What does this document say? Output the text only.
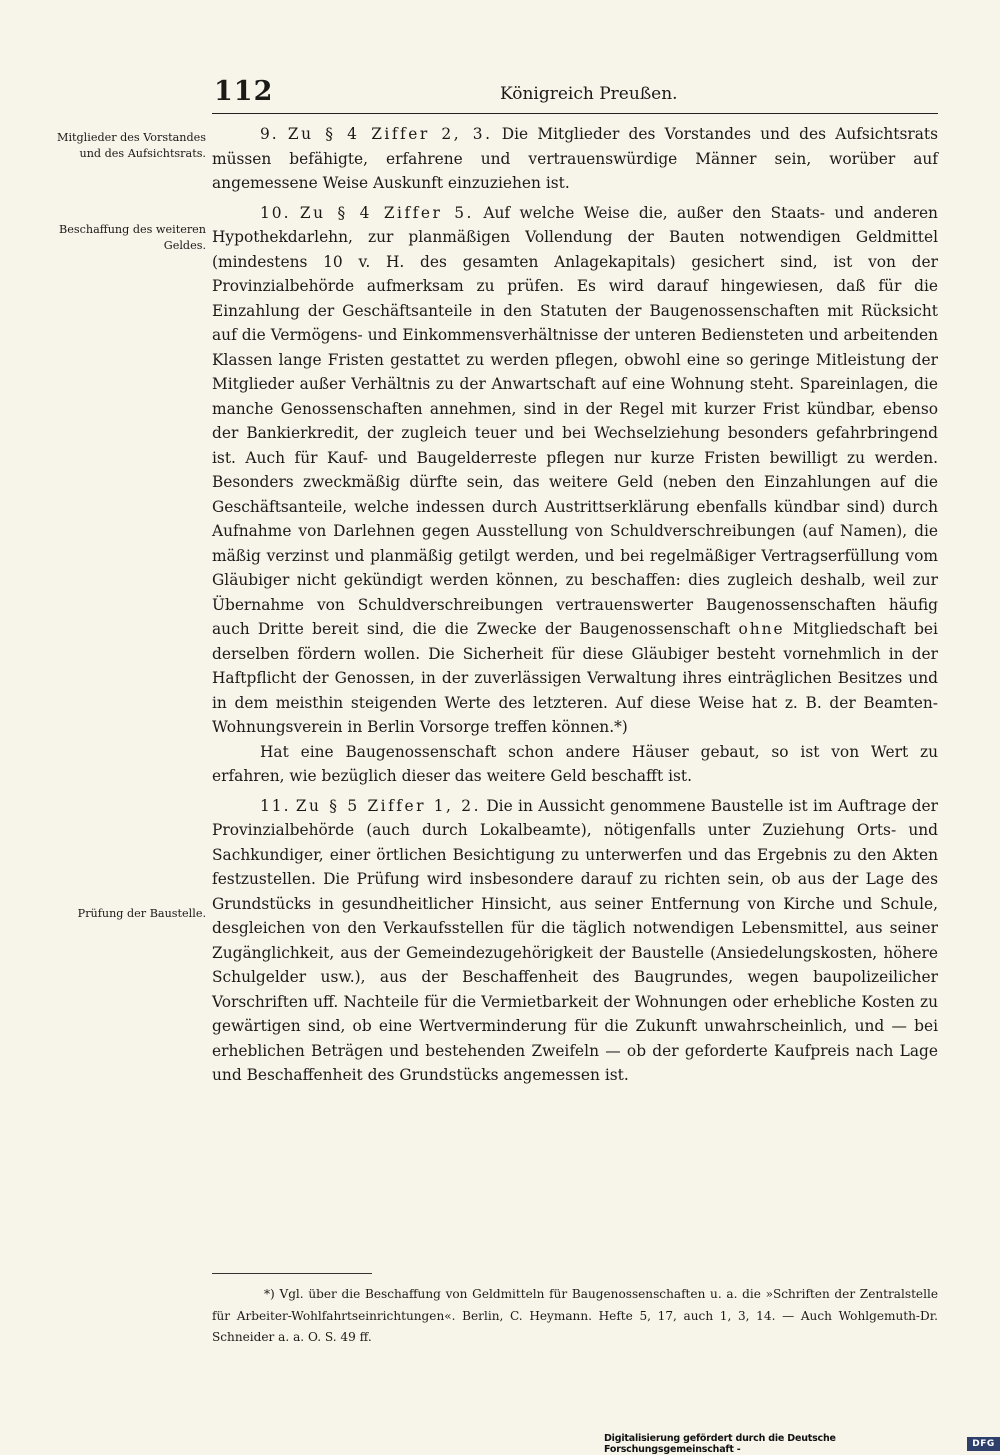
112	Königreich Preußen.
Mitglieder des Vorstandes und des Aufsichtsrats.
Beschaffung des weiteren Geldes.
Prüfung der Baustelle.

9. Zu § 4 Ziffer 2, 3. Die Mitglieder des Vorstandes und des Aufsichtsrats müssen befähigte, erfahrene und vertrauenswürdige Männer sein, worüber auf angemessene Weise Auskunft einzuziehen ist.

10. Zu § 4 Ziffer 5. Auf welche Weise die, außer den Staats- und anderen Hypothekdarlehn, zur planmäßigen Vollendung der Bauten notwendigen Geldmittel (mindestens 10 v. H. des gesamten Anlagekapitals) gesichert sind, ist von der Provinzialbehörde aufmerksam zu prüfen. Es wird darauf hingewiesen, daß für die Einzahlung der Geschäftsanteile in den Statuten der Baugenossenschaften mit Rücksicht auf die Vermögens- und Einkommensverhältnisse der unteren Bediensteten und arbeitenden Klassen lange Fristen gestattet zu werden pflegen, obwohl eine so geringe Mitleistung der Mitglieder außer Verhältnis zu der Anwartschaft auf eine Wohnung steht. Spareinlagen, die manche Genossenschaften annehmen, sind in der Regel mit kurzer Frist kündbar, ebenso der Bankierkredit, der zugleich teuer und bei Wechselziehung besonders gefahrbringend ist. Auch für Kauf- und Baugelderreste pflegen nur kurze Fristen bewilligt zu werden. Besonders zweckmäßig dürfte sein, das weitere Geld (neben den Einzahlungen auf die Geschäftsanteile, welche indessen durch Austrittserklärung ebenfalls kündbar sind) durch Aufnahme von Darlehnen gegen Ausstellung von Schuldverschreibungen (auf Namen), die mäßig verzinst und planmäßig getilgt werden, und bei regelmäßiger Vertragserfüllung vom Gläubiger nicht gekündigt werden können, zu beschaffen: dies zugleich deshalb, weil zur Übernahme von Schuldverschreibungen vertrauenswerter Baugenossenschaften häufig auch Dritte bereit sind, die die Zwecke der Baugenossenschaft ohne Mitgliedschaft bei derselben fördern wollen. Die Sicherheit für diese Gläubiger besteht vornehmlich in der Haftpflicht der Genossen, in der zuverlässigen Verwaltung ihres einträglichen Besitzes und in dem meisthin steigenden Werte des letzteren. Auf diese Weise hat z. B. der Beamten-Wohnungsverein in Berlin Vorsorge treffen können.*)

Hat eine Baugenossenschaft schon andere Häuser gebaut, so ist von Wert zu erfahren, wie bezüglich dieser das weitere Geld beschafft ist.

11. Zu § 5 Ziffer 1, 2. Die in Aussicht genommene Baustelle ist im Auftrage der Provinzialbehörde (auch durch Lokalbeamte), nötigenfalls unter Zuziehung Orts- und Sachkundiger, einer örtlichen Besichtigung zu unterwerfen und das Ergebnis zu den Akten festzustellen. Die Prüfung wird insbesondere darauf zu richten sein, ob aus der Lage des Grundstücks in gesundheitlicher Hinsicht, aus seiner Entfernung von Kirche und Schule, desgleichen von den Verkaufsstellen für die täglich notwendigen Lebensmittel, aus seiner Zugänglichkeit, aus der Gemeindezugehörigkeit der Baustelle (Ansiedelungskosten, höhere Schulgelder usw.), aus der Beschaffenheit des Baugrundes, wegen baupolizeilicher Vorschriften uff. Nachteile für die Vermietbarkeit der Wohnungen oder erhebliche Kosten zu gewärtigen sind, ob eine Wertverminderung für die Zukunft unwahrscheinlich, und — bei erheblichen Beträgen und bestehenden Zweifeln — ob der geforderte Kaufpreis nach Lage und Beschaffenheit des Grundstücks angemessen ist.

*) Vgl. über die Beschaffung von Geldmitteln für Baugenossenschaften u. a. die »Schriften der Zentralstelle für Arbeiter-Wohlfahrtseinrichtungen«. Berlin, C. Heymann. Hefte 5, 17, auch 1, 3, 14. — Auch Wohlgemuth-Dr. Schneider a. a. O. S. 49 ff.

Digitalisierung gefördert durch die Deutsche Forschungsgemeinschaft -	DFG
